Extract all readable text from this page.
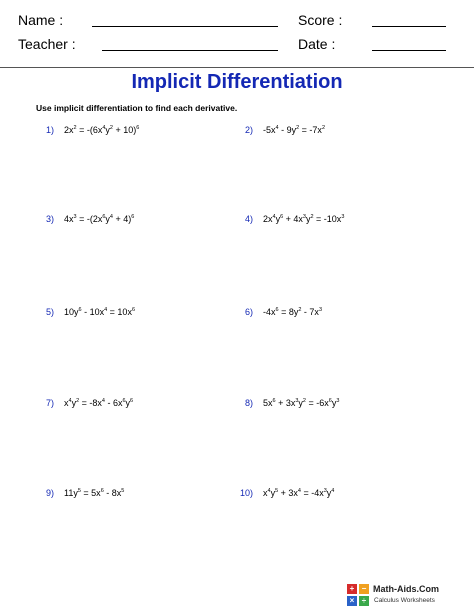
Name :	Score :
Teacher :	Date :
Implicit Differentiation
Use implicit differentiation to find each derivative.
1) $2x^2 = -(6x^4y^2 + 10)^6$	2) $-5x^4 - 9y^2 = -7x^2$
3) $4x^3 = -(2x^6y^4 + 4)^6$	4) $2x^4y^6 + 4x^3y^2 = -10x^3$
5) $10y^6 - 10x^4 = 10x^6$	6) $-4x^6 = 8y^2 - 7x^3$
7) $x^4y^2 = -8x^4 - 6x^6y^6$	8) $5x^6 + 3x^3y^2 = -6x^6y^3$
9) $11y^5 = 5x^6 - 8x^5$	10) $x^4y^5 + 3x^4 = -4x^3y^4$
+ −
× ÷
Math-Aids.Com
Calculus Worksheets
